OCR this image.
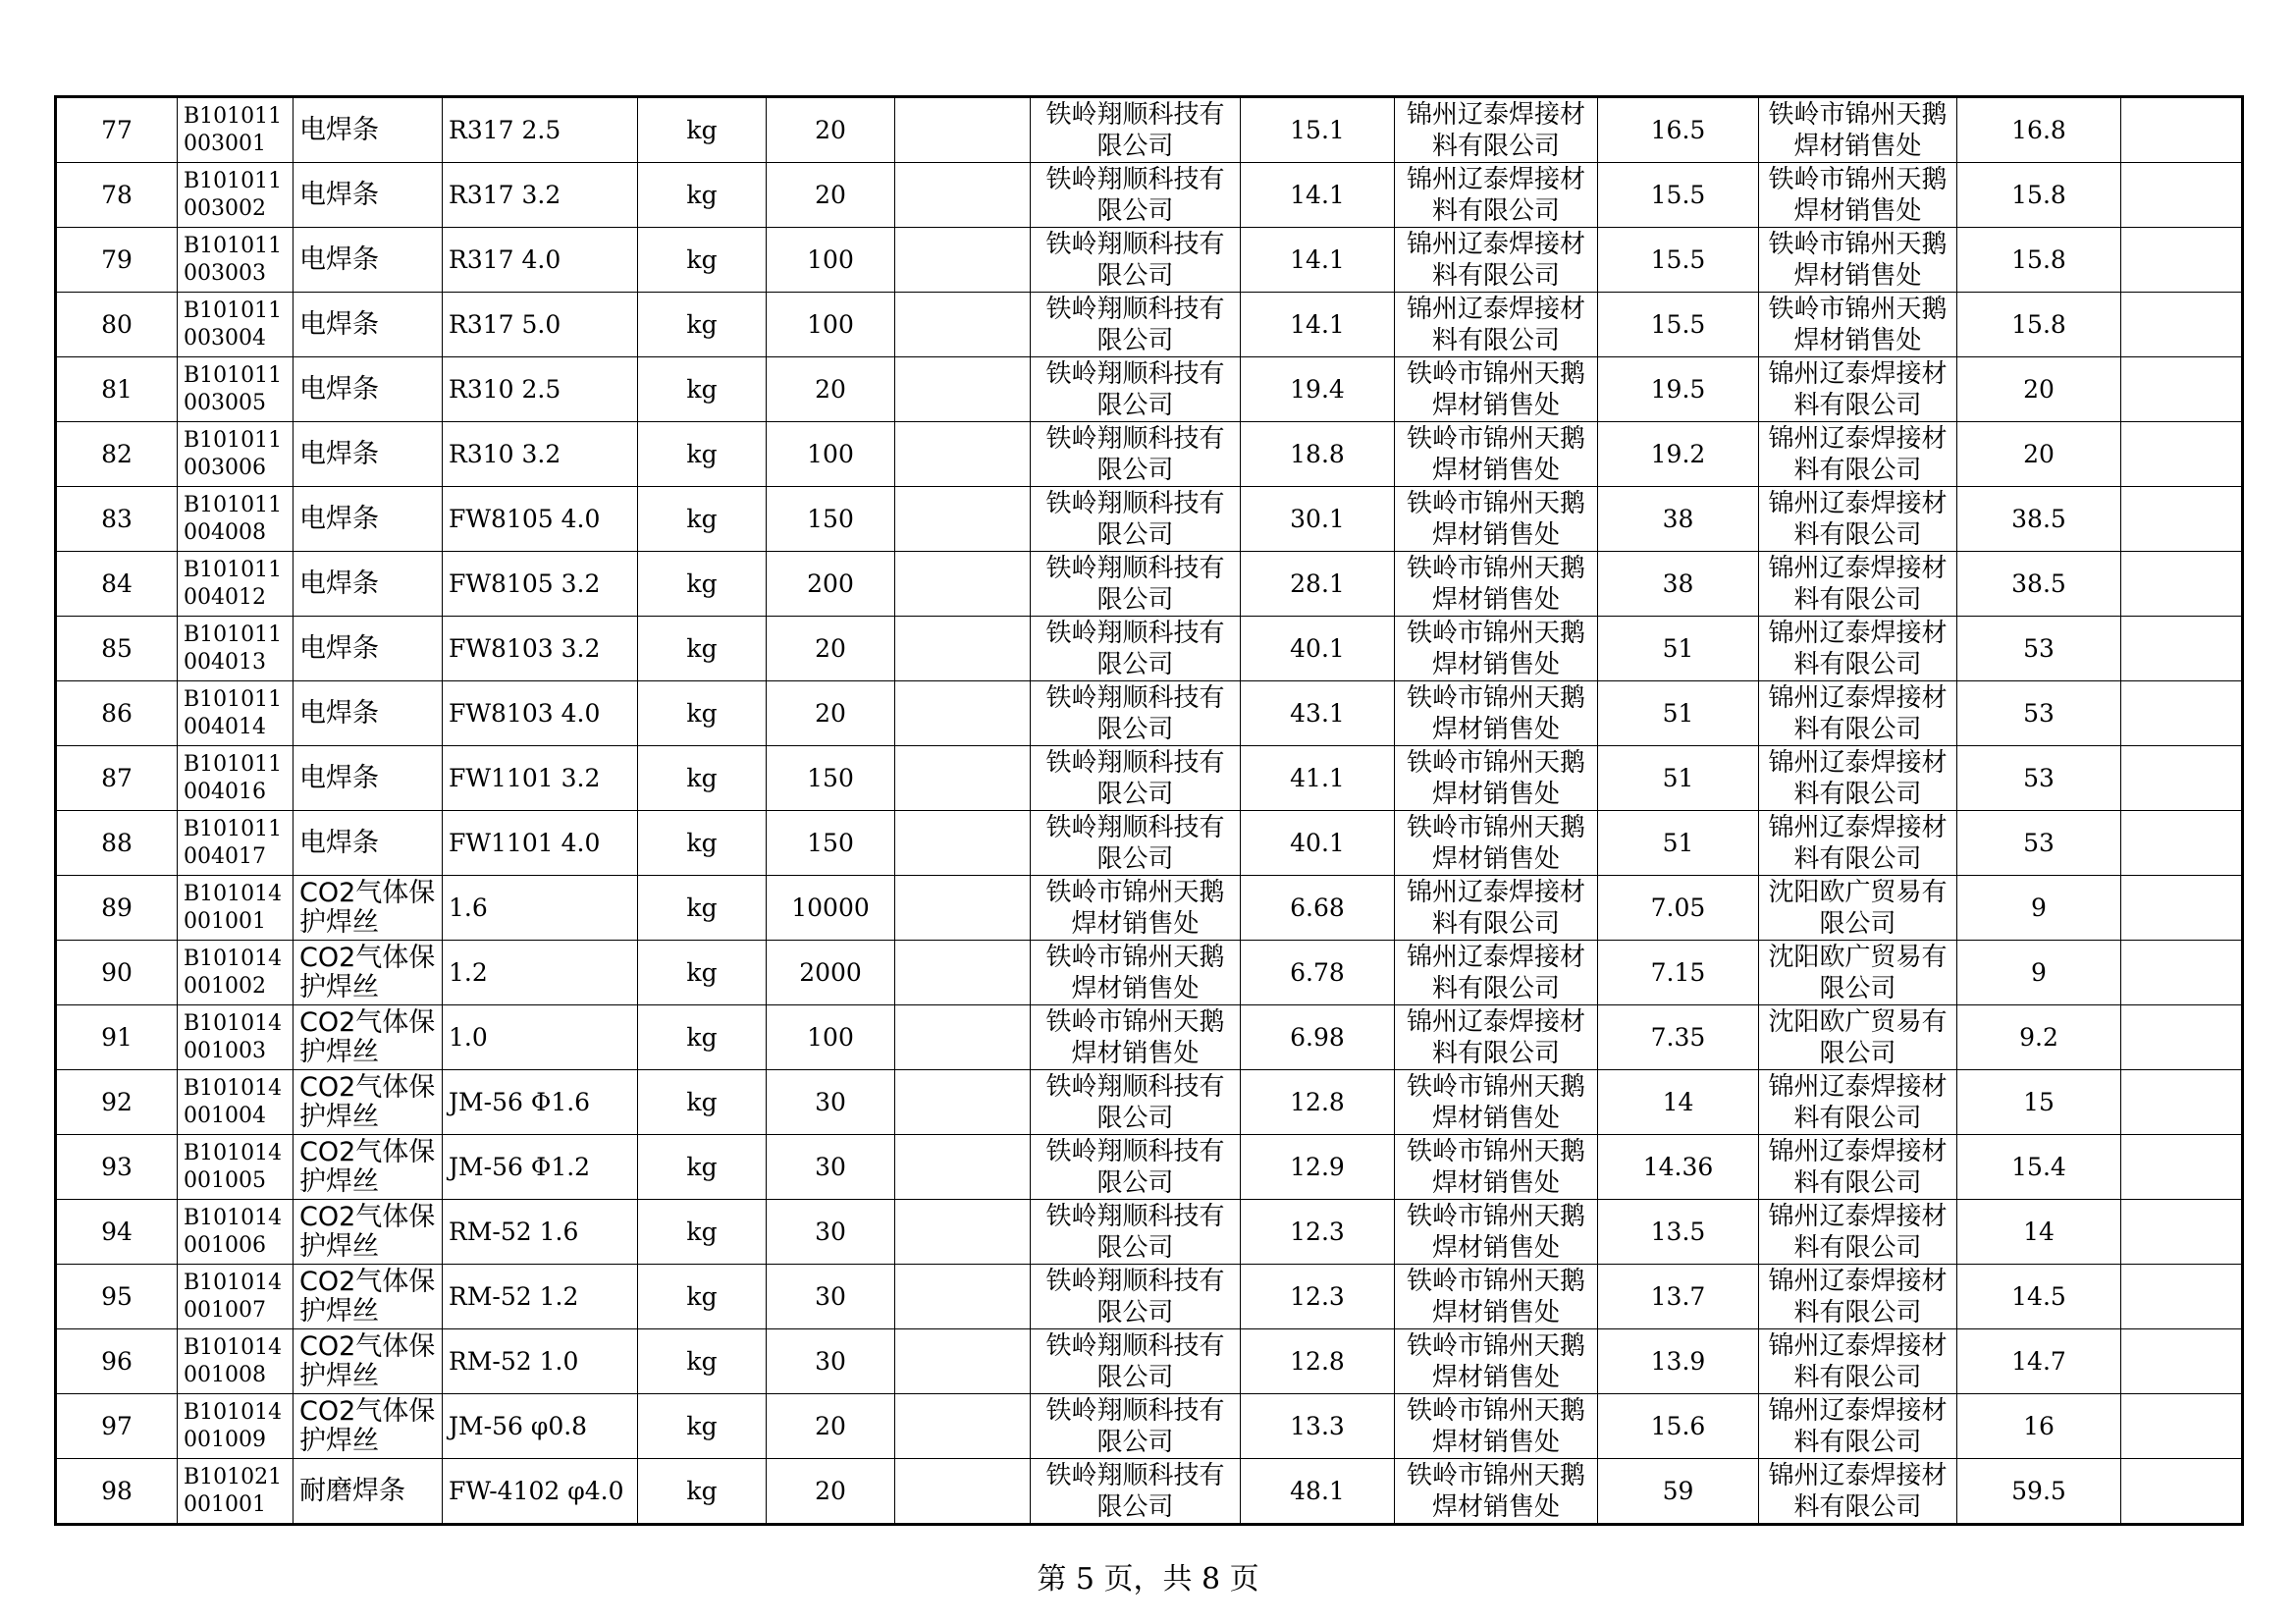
77	B101011003001	电焊条	R317 2.5	kg	20		铁岭翔顺科技有限公司	15.1	锦州辽泰焊接材料有限公司	16.5	铁岭市锦州天鹅焊材销售处	16.8	
78	B101011003002	电焊条	R317 3.2	kg	20		铁岭翔顺科技有限公司	14.1	锦州辽泰焊接材料有限公司	15.5	铁岭市锦州天鹅焊材销售处	15.8	
79	B101011003003	电焊条	R317 4.0	kg	100		铁岭翔顺科技有限公司	14.1	锦州辽泰焊接材料有限公司	15.5	铁岭市锦州天鹅焊材销售处	15.8	
80	B101011003004	电焊条	R317 5.0	kg	100		铁岭翔顺科技有限公司	14.1	锦州辽泰焊接材料有限公司	15.5	铁岭市锦州天鹅焊材销售处	15.8	
81	B101011003005	电焊条	R310 2.5	kg	20		铁岭翔顺科技有限公司	19.4	铁岭市锦州天鹅焊材销售处	19.5	锦州辽泰焊接材料有限公司	20	
82	B101011003006	电焊条	R310 3.2	kg	100		铁岭翔顺科技有限公司	18.8	铁岭市锦州天鹅焊材销售处	19.2	锦州辽泰焊接材料有限公司	20	
83	B101011004008	电焊条	FW8105 4.0	kg	150		铁岭翔顺科技有限公司	30.1	铁岭市锦州天鹅焊材销售处	38	锦州辽泰焊接材料有限公司	38.5	
84	B101011004012	电焊条	FW8105 3.2	kg	200		铁岭翔顺科技有限公司	28.1	铁岭市锦州天鹅焊材销售处	38	锦州辽泰焊接材料有限公司	38.5	
85	B101011004013	电焊条	FW8103 3.2	kg	20		铁岭翔顺科技有限公司	40.1	铁岭市锦州天鹅焊材销售处	51	锦州辽泰焊接材料有限公司	53	
86	B101011004014	电焊条	FW8103 4.0	kg	20		铁岭翔顺科技有限公司	43.1	铁岭市锦州天鹅焊材销售处	51	锦州辽泰焊接材料有限公司	53	
87	B101011004016	电焊条	FW1101 3.2	kg	150		铁岭翔顺科技有限公司	41.1	铁岭市锦州天鹅焊材销售处	51	锦州辽泰焊接材料有限公司	53	
88	B101011004017	电焊条	FW1101 4.0	kg	150		铁岭翔顺科技有限公司	40.1	铁岭市锦州天鹅焊材销售处	51	锦州辽泰焊接材料有限公司	53	
89	B101014001001	CO2气体保护焊丝	1.6	kg	10000		铁岭市锦州天鹅焊材销售处	6.68	锦州辽泰焊接材料有限公司	7.05	沈阳欧广贸易有限公司	9	
90	B101014001002	CO2气体保护焊丝	1.2	kg	2000		铁岭市锦州天鹅焊材销售处	6.78	锦州辽泰焊接材料有限公司	7.15	沈阳欧广贸易有限公司	9	
91	B101014001003	CO2气体保护焊丝	1.0	kg	100		铁岭市锦州天鹅焊材销售处	6.98	锦州辽泰焊接材料有限公司	7.35	沈阳欧广贸易有限公司	9.2	
92	B101014001004	CO2气体保护焊丝	JM-56 Φ1.6	kg	30		铁岭翔顺科技有限公司	12.8	铁岭市锦州天鹅焊材销售处	14	锦州辽泰焊接材料有限公司	15	
93	B101014001005	CO2气体保护焊丝	JM-56 Φ1.2	kg	30		铁岭翔顺科技有限公司	12.9	铁岭市锦州天鹅焊材销售处	14.36	锦州辽泰焊接材料有限公司	15.4	
94	B101014001006	CO2气体保护焊丝	RM-52 1.6	kg	30		铁岭翔顺科技有限公司	12.3	铁岭市锦州天鹅焊材销售处	13.5	锦州辽泰焊接材料有限公司	14	
95	B101014001007	CO2气体保护焊丝	RM-52 1.2	kg	30		铁岭翔顺科技有限公司	12.3	铁岭市锦州天鹅焊材销售处	13.7	锦州辽泰焊接材料有限公司	14.5	
96	B101014001008	CO2气体保护焊丝	RM-52 1.0	kg	30		铁岭翔顺科技有限公司	12.8	铁岭市锦州天鹅焊材销售处	13.9	锦州辽泰焊接材料有限公司	14.7	
97	B101014001009	CO2气体保护焊丝	JM-56 φ0.8	kg	20		铁岭翔顺科技有限公司	13.3	铁岭市锦州天鹅焊材销售处	15.6	锦州辽泰焊接材料有限公司	16	
98	B101021001001	耐磨焊条	FW-4102 φ4.0	kg	20		铁岭翔顺科技有限公司	48.1	铁岭市锦州天鹅焊材销售处	59	锦州辽泰焊接材料有限公司	59.5	
第 5 页，共 8 页
